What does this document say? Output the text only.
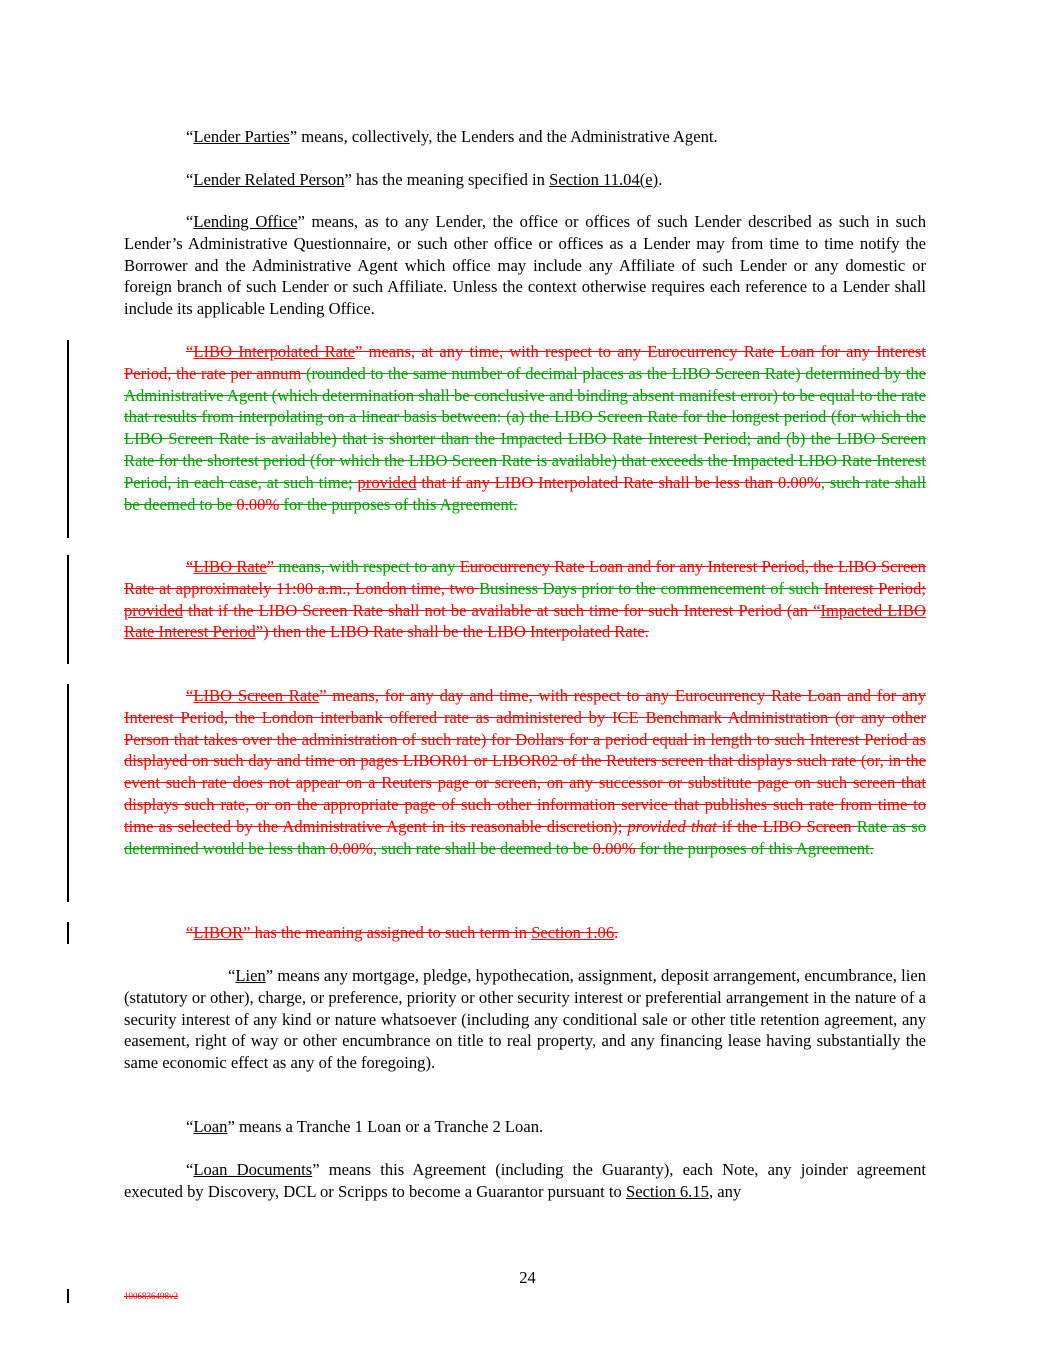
“Lender Parties” means, collectively, the Lenders and the Administrative Agent.

“Lender Related Person” has the meaning specified in Section 11.04(e).

“Lending Office” means, as to any Lender, the office or offices of such Lender described as such in such Lender’s Administrative Questionnaire, or such other office or offices as a Lender may from time to time notify the Borrower and the Administrative Agent which office may include any Affiliate of such Lender or any domestic or foreign branch of such Lender or such Affiliate. Unless the context otherwise requires each reference to a Lender shall include its applicable Lending Office.

“LIBO Interpolated Rate” means, at any time, with respect to any Eurocurrency Rate Loan for any Interest Period, the rate per annum (rounded to the same number of decimal places as the LIBO Screen Rate) determined by the Administrative Agent (which determination shall be conclusive and binding absent manifest error) to be equal to the rate that results from interpolating on a linear basis between: (a) the LIBO Screen Rate for the longest period (for which the LIBO Screen Rate is available) that is shorter than the Impacted LIBO Rate Interest Period; and (b) the LIBO Screen Rate for the shortest period (for which the LIBO Screen Rate is available) that exceeds the Impacted LIBO Rate Interest Period, in each case, at such time; provided that if any LIBO Interpolated Rate shall be less than 0.00%, such rate shall be deemed to be 0.00% for the purposes of this Agreement.

“LIBO Rate” means, with respect to any Eurocurrency Rate Loan and for any Interest Period, the LIBO Screen Rate at approximately 11:00 a.m., London time, two Business Days prior to the commencement of such Interest Period; provided that if the LIBO Screen Rate shall not be available at such time for such Interest Period (an “Impacted LIBO Rate Interest Period”) then the LIBO Rate shall be the LIBO Interpolated Rate.

“LIBO Screen Rate” means, for any day and time, with respect to any Eurocurrency Rate Loan and for any Interest Period, the London interbank offered rate as administered by ICE Benchmark Administration (or any other Person that takes over the administration of such rate) for Dollars for a period equal in length to such Interest Period as displayed on such day and time on pages LIBOR01 or LIBOR02 of the Reuters screen that displays such rate (or, in the event such rate does not appear on a Reuters page or screen, on any successor or substitute page on such screen that displays such rate, or on the appropriate page of such other information service that publishes such rate from time to time as selected by the Administrative Agent in its reasonable discretion); provided that if the LIBO Screen Rate as so determined would be less than 0.00%, such rate shall be deemed to be 0.00% for the purposes of this Agreement.

“LIBOR” has the meaning assigned to such term in Section 1.06.

“Lien” means any mortgage, pledge, hypothecation, assignment, deposit arrangement, encumbrance, lien (statutory or other), charge, or preference, priority or other security interest or preferential arrangement in the nature of a security interest of any kind or nature whatsoever (including any conditional sale or other title retention agreement, any easement, right of way or other encumbrance on title to real property, and any financing lease having substantially the same economic effect as any of the foregoing).

“Loan” means a Tranche 1 Loan or a Tranche 2 Loan.

“Loan Documents” means this Agreement (including the Guaranty), each Note, any joinder agreement executed by Discovery, DCL or Scripps to become a Guarantor pursuant to Section 6.15, any

24
1006836498v2
